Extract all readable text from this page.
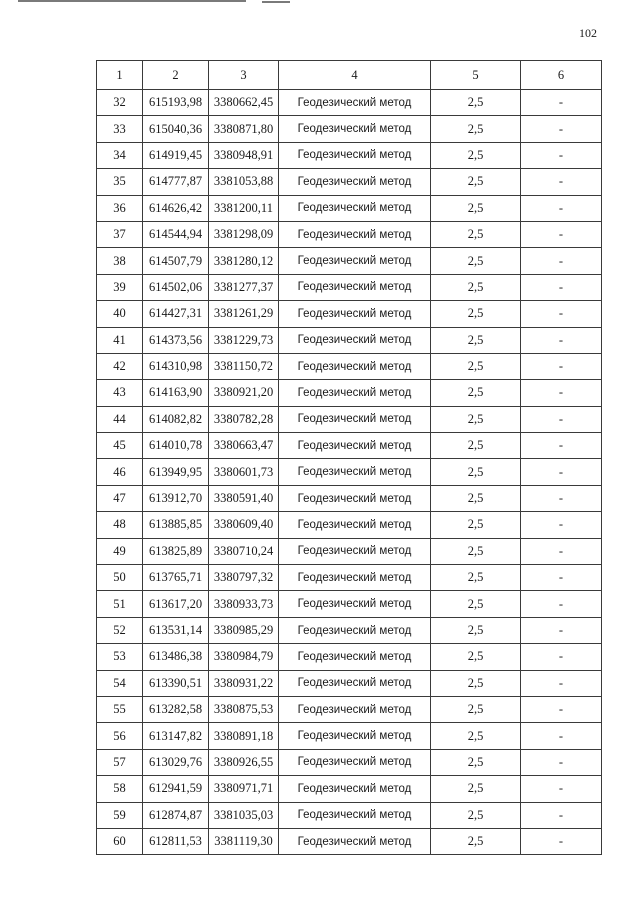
102
1	2	3	4	5	6
32	615193,98	3380662,45	Геодезический метод	2,5	-
33	615040,36	3380871,80	Геодезический метод	2,5	-
34	614919,45	3380948,91	Геодезический метод	2,5	-
35	614777,87	3381053,88	Геодезический метод	2,5	-
36	614626,42	3381200,11	Геодезический метод	2,5	-
37	614544,94	3381298,09	Геодезический метод	2,5	-
38	614507,79	3381280,12	Геодезический метод	2,5	-
39	614502,06	3381277,37	Геодезический метод	2,5	-
40	614427,31	3381261,29	Геодезический метод	2,5	-
41	614373,56	3381229,73	Геодезический метод	2,5	-
42	614310,98	3381150,72	Геодезический метод	2,5	-
43	614163,90	3380921,20	Геодезический метод	2,5	-
44	614082,82	3380782,28	Геодезический метод	2,5	-
45	614010,78	3380663,47	Геодезический метод	2,5	-
46	613949,95	3380601,73	Геодезический метод	2,5	-
47	613912,70	3380591,40	Геодезический метод	2,5	-
48	613885,85	3380609,40	Геодезический метод	2,5	-
49	613825,89	3380710,24	Геодезический метод	2,5	-
50	613765,71	3380797,32	Геодезический метод	2,5	-
51	613617,20	3380933,73	Геодезический метод	2,5	-
52	613531,14	3380985,29	Геодезический метод	2,5	-
53	613486,38	3380984,79	Геодезический метод	2,5	-
54	613390,51	3380931,22	Геодезический метод	2,5	-
55	613282,58	3380875,53	Геодезический метод	2,5	-
56	613147,82	3380891,18	Геодезический метод	2,5	-
57	613029,76	3380926,55	Геодезический метод	2,5	-
58	612941,59	3380971,71	Геодезический метод	2,5	-
59	612874,87	3381035,03	Геодезический метод	2,5	-
60	612811,53	3381119,30	Геодезический метод	2,5	-
